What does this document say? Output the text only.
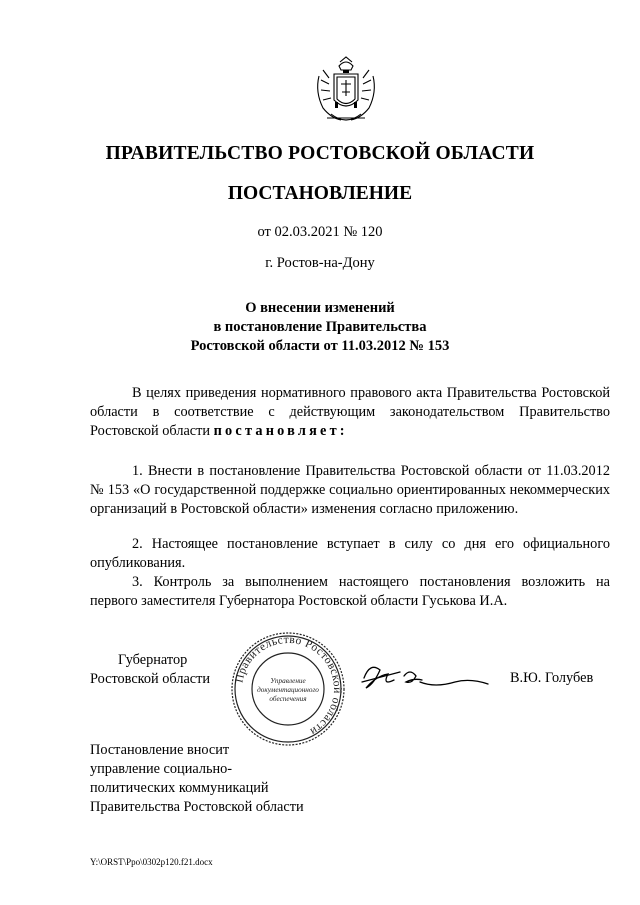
ПРАВИТЕЛЬСТВО РОСТОВСКОЙ ОБЛАСТИ
ПОСТАНОВЛЕНИЕ
от 02.03.2021 № 120
г. Ростов-на-Дону
О внесении изменений
в постановление Правительства
Ростовской области от 11.03.2012 № 153
В целях приведения нормативного правового акта Правительства Ростовской области в соответствие с действующим законодательством Правительство Ростовской области постановляет:
1. Внести в постановление Правительства Ростовской области от 11.03.2012 № 153 «О государственной поддержке социально ориентированных некоммерческих организаций в Ростовской области» изменения согласно приложению.
2. Настоящее постановление вступает в силу со дня его официального опубликования.
3. Контроль за выполнением настоящего постановления возложить на первого заместителя Губернатора Ростовской области Гуськова И.А.
Губернатор
Ростовской области Правительство Ростовской области
Управление
документационного
обеспечения
В.Ю. Голубев
Постановление вносит
управление социально-
политических коммуникаций
Правительства Ростовской области
Y:\ORST\Ppo\0302p120.f21.docx
